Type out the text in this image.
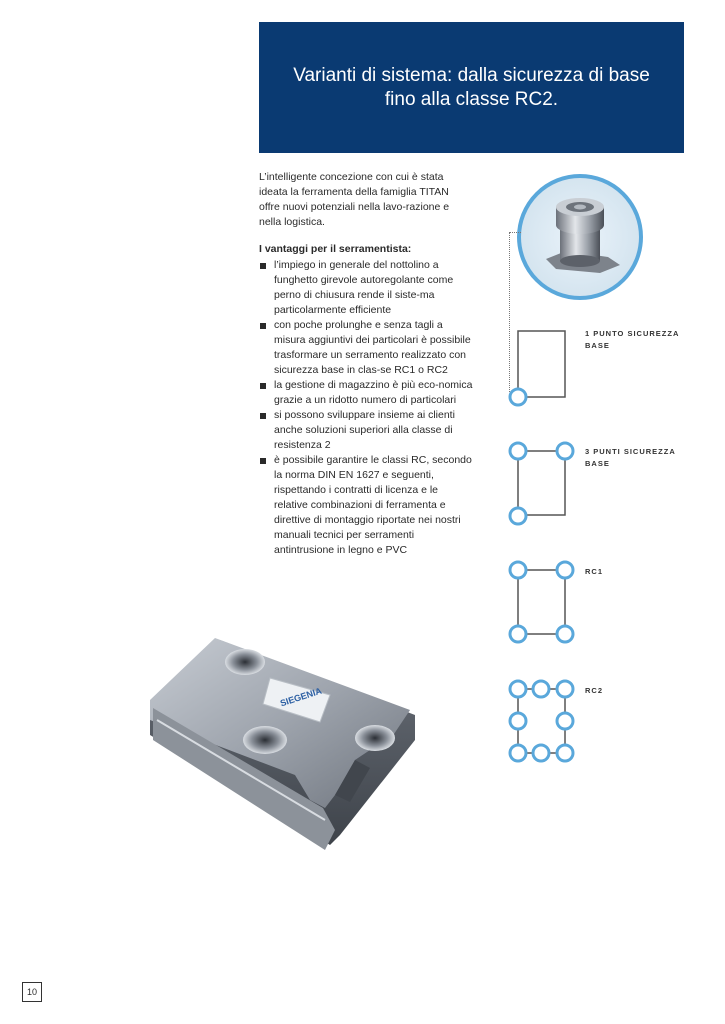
Varianti di sistema: dalla sicurezza di base fino alla classe RC2.

L’intelligente concezione con cui è stata ideata la ferramenta della famiglia TITAN offre nuovi potenziali nella lavo-razione e nella logistica.

I vantaggi per il serramentista:

l’impiego in generale del nottolino a funghetto girevole autoregolante come perno di chiusura rende il siste-ma particolarmente efficiente
con poche prolunghe e senza tagli a misura aggiuntivi dei particolari è possibile trasformare un serramento realizzato con sicurezza base in clas-se RC1 o RC2
la gestione di magazzino è più eco-nomica grazie a un ridotto numero di particolari
si possono sviluppare insieme ai clienti anche soluzioni superiori alla classe di resistenza 2
è possibile garantire le classi RC, secondo la norma DIN EN 1627 e seguenti, rispettando i contratti di licenza e le relative combinazioni di ferramenta e direttive di montaggio riportate nei nostri manuali tecnici per serramenti antintrusione in legno e PVC
1 PUNTO SICUREZZA BASE
3 PUNTI SICUREZZA BASE
RC1
RC2
SIEGENIA
10
